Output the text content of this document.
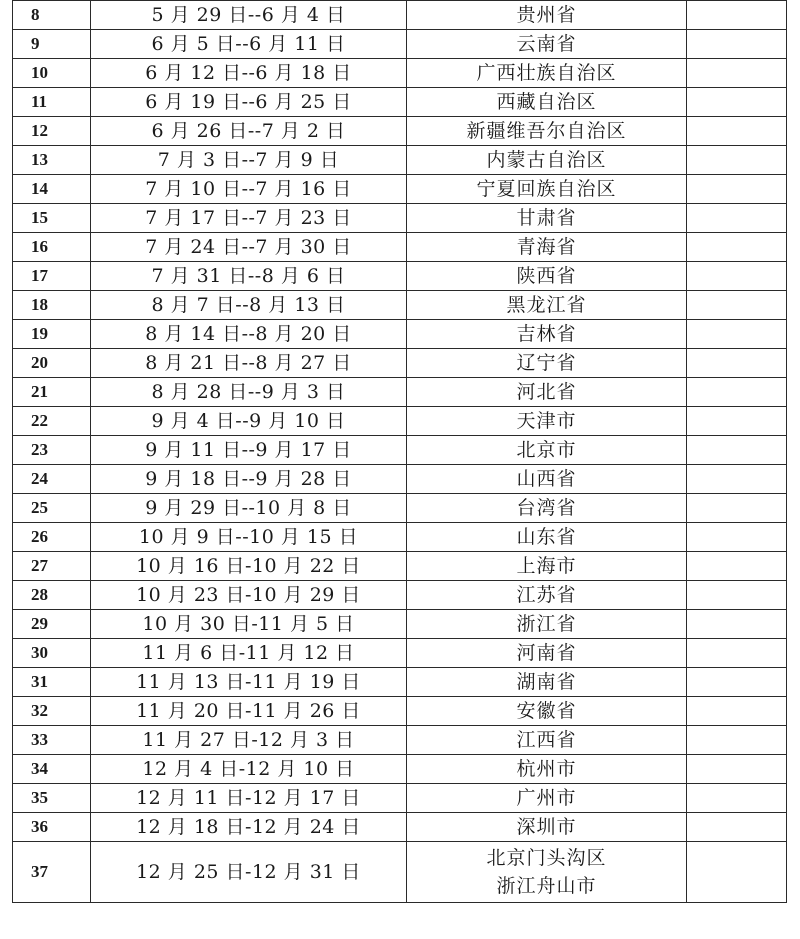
8	5 月 29 日--6 月 4 日	贵州省	

9	6 月 5 日--6 月 11 日	云南省	

10	6 月 12 日--6 月 18 日	广西壮族自治区	

11	6 月 19 日--6 月 25 日	西藏自治区	

12	6 月 26 日--7 月 2 日	新疆维吾尔自治区	

13	7 月 3 日--7 月 9 日	内蒙古自治区	

14	7 月 10 日--7 月 16 日	宁夏回族自治区	

15	7 月 17 日--7 月 23 日	甘肃省	

16	7 月 24 日--7 月 30 日	青海省	

17	7 月 31 日--8 月 6 日	陕西省	

18	8 月 7 日--8 月 13 日	黑龙江省	

19	8 月 14 日--8 月 20 日	吉林省	

20	8 月 21 日--8 月 27 日	辽宁省	

21	8 月 28 日--9 月 3 日	河北省	

22	9 月 4 日--9 月 10 日	天津市	

23	9 月 11 日--9 月 17 日	北京市	

24	9 月 18 日--9 月 28 日	山西省	

25	9 月 29 日--10 月 8 日	台湾省	

26	10 月 9 日--10 月 15 日	山东省	

27	10 月 16 日-10 月 22 日	上海市	

28	10 月 23 日-10 月 29 日	江苏省	

29	10 月 30 日-11 月 5 日	浙江省	

30	11 月 6 日-11 月 12 日	河南省	

31	11 月 13 日-11 月 19 日	湖南省	

32	11 月 20 日-11 月 26 日	安徽省	

33	11 月 27 日-12 月 3 日	江西省	

34	12 月 4 日-12 月 10 日	杭州市	

35	12 月 11 日-12 月 17 日	广州市	

36	12 月 18 日-12 月 24 日	深圳市	

37	12 月 25 日-12 月 31 日	北京门头沟区
浙江舟山市	
